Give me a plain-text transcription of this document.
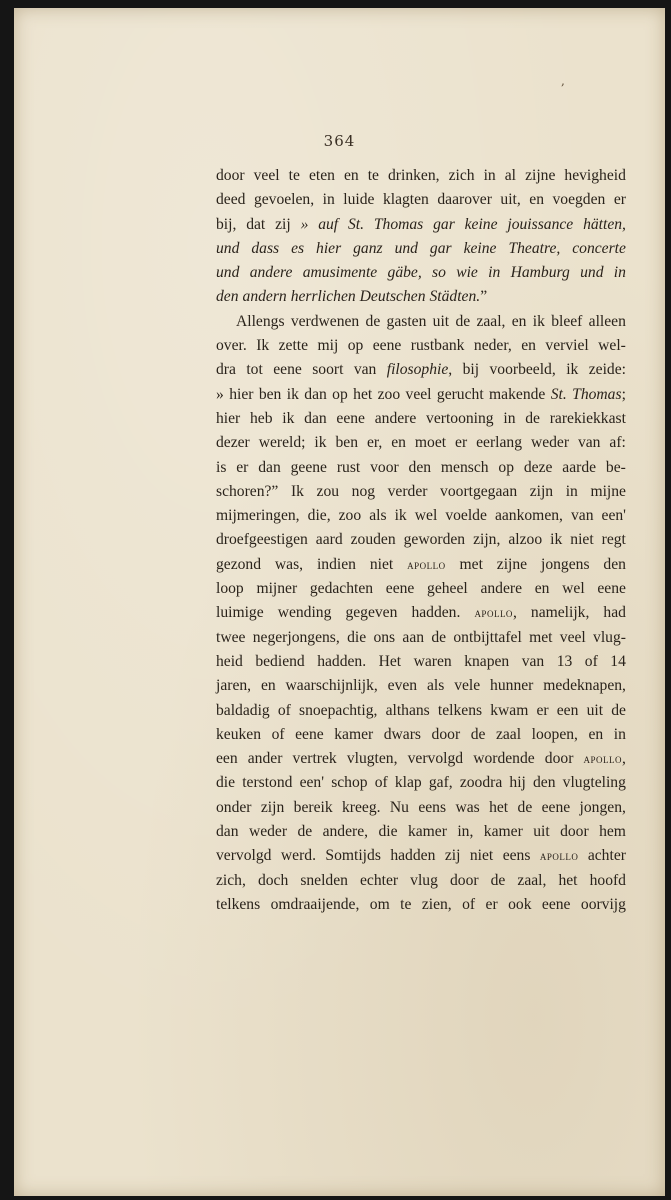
364
door veel te eten en te drinken, zich in al zijne hevigheid
deed gevoelen, in luide klagten daarover uit, en voegden er
bij, dat zij » auf St. Thomas gar keine jouissance hätten,
und dass es hier ganz und gar keine Theatre, concerte
und andere amusimente gäbe, so wie in Hamburg und in
den andern herrlichen Deutschen Städten.”
Allengs verdwenen de gasten uit de zaal, en ik bleef alleen
over. Ik zette mij op eene rustbank neder, en verviel wel-
dra tot eene soort van filosophie, bij voorbeeld, ik zeide:
» hier ben ik dan op het zoo veel gerucht makende St. Thomas;
hier heb ik dan eene andere vertooning in de rarekiekkast
dezer wereld; ik ben er, en moet er eerlang weder van af:
is er dan geene rust voor den mensch op deze aarde be-
schoren?” Ik zou nog verder voortgegaan zijn in mijne
mijmeringen, die, zoo als ik wel voelde aankomen, van een'
droefgeestigen aard zouden geworden zijn, alzoo ik niet regt
gezond was, indien niet apollo met zijne jongens den
loop mijner gedachten eene geheel andere en wel eene
luimige wending gegeven hadden. apollo, namelijk, had
twee negerjongens, die ons aan de ontbijttafel met veel vlug-
heid bediend hadden. Het waren knapen van 13 of 14
jaren, en waarschijnlijk, even als vele hunner medeknapen,
baldadig of snoepachtig, althans telkens kwam er een uit de
keuken of eene kamer dwars door de zaal loopen, en in
een ander vertrek vlugten, vervolgd wordende door apollo,
die terstond een' schop of klap gaf, zoodra hij den vlugteling
onder zijn bereik kreeg. Nu eens was het de eene jongen,
dan weder de andere, die kamer in, kamer uit door hem
vervolgd werd. Somtijds hadden zij niet eens apollo achter
zich, doch snelden echter vlug door de zaal, het hoofd
telkens omdraaijende, om te zien, of er ook eene oorvijg
,
